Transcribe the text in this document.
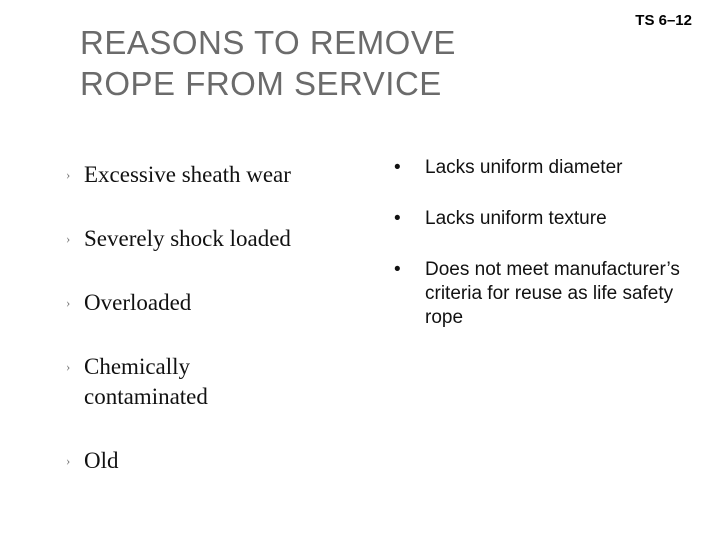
REASONS TO REMOVE
ROPE FROM SERVICE
TS 6–12
› Excessive sheath wear
› Severely shock loaded
› Overloaded
› Chemically contaminated
› Old
•	Lacks uniform diameter
•	Lacks uniform texture
•	Does not meet manufacturer’s criteria for reuse as life safety rope
